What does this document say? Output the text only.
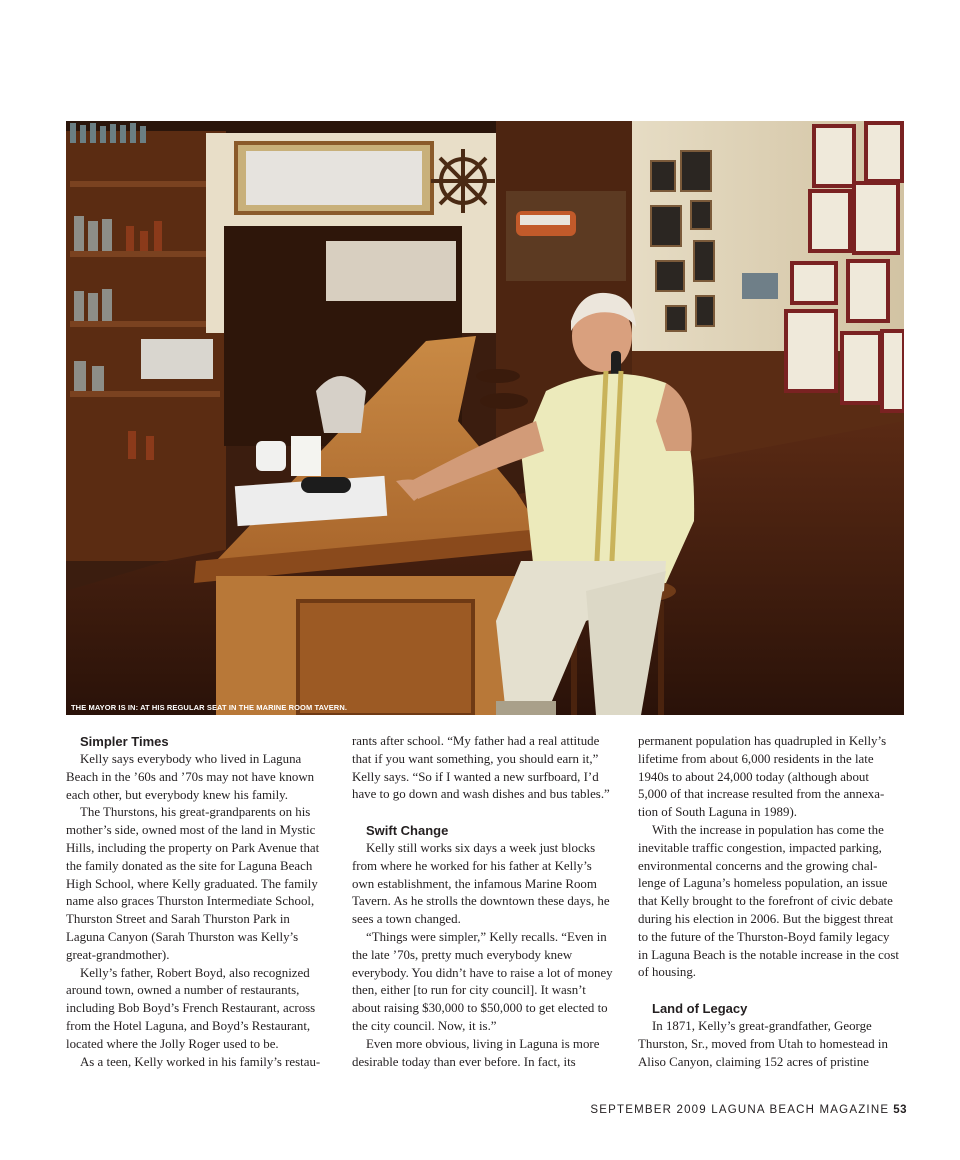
THE MAYOR IS IN: AT HIS REGULAR SEAT IN THE MARINE ROOM TAVERN.
Simpler Times

Kelly says everybody who lived in Laguna Beach in the ’60s and ’70s may not have known each other, but everybody knew his family.

The Thurstons, his great-grandparents on his mother’s side, owned most of the land in Mystic Hills, including the property on Park Avenue that the family donated as the site for Laguna Beach High School, where Kelly graduated. The family name also graces Thurston Intermediate School, Thurston Street and Sarah Thurston Park in Laguna Canyon (Sarah Thurston was Kelly’s great-grandmother).

Kelly’s father, Robert Boyd, also recognized around town, owned a number of restaurants, including Bob Boyd’s French Restaurant, across from the Hotel Laguna, and Boyd’s Restaurant, located where the Jolly Roger used to be.

As a teen, Kelly worked in his family’s restau-

rants after school. “My father had a real attitude that if you want something, you should earn it,” Kelly says. “So if I wanted a new surfboard, I’d have to go down and wash dishes and bus tables.”

Swift Change

Kelly still works six days a week just blocks from where he worked for his father at Kelly’s own establishment, the infamous Marine Room Tavern. As he strolls the downtown these days, he sees a town changed.

“Things were simpler,” Kelly recalls. “Even in the late ’70s, pretty much everybody knew everybody. You didn’t have to raise a lot of money then, either [to run for city council]. It wasn’t about raising $30,000 to $50,000 to get elected to the city council. Now, it is.”

Even more obvious, living in Laguna is more desirable today than ever before. In fact, its

permanent population has quadrupled in Kelly’s lifetime from about 6,000 residents in the late 1940s to about 24,000 today (although about 5,000 of that increase resulted from the annexa-tion of South Laguna in 1989).

With the increase in population has come the inevitable traffic congestion, impacted parking, environmental concerns and the growing chal-lenge of Laguna’s homeless population, an issue that Kelly brought to the forefront of civic debate during his election in 2006. But the biggest threat to the future of the Thurston-Boyd family legacy in Laguna Beach is the notable increase in the cost of housing.

Land of Legacy

In 1871, Kelly’s great-grandfather, George Thurston, Sr., moved from Utah to homestead in Aliso Canyon, claiming 152 acres of pristine

SEPTEMBER 2009 LAGUNA BEACH MAGAZINE 53
